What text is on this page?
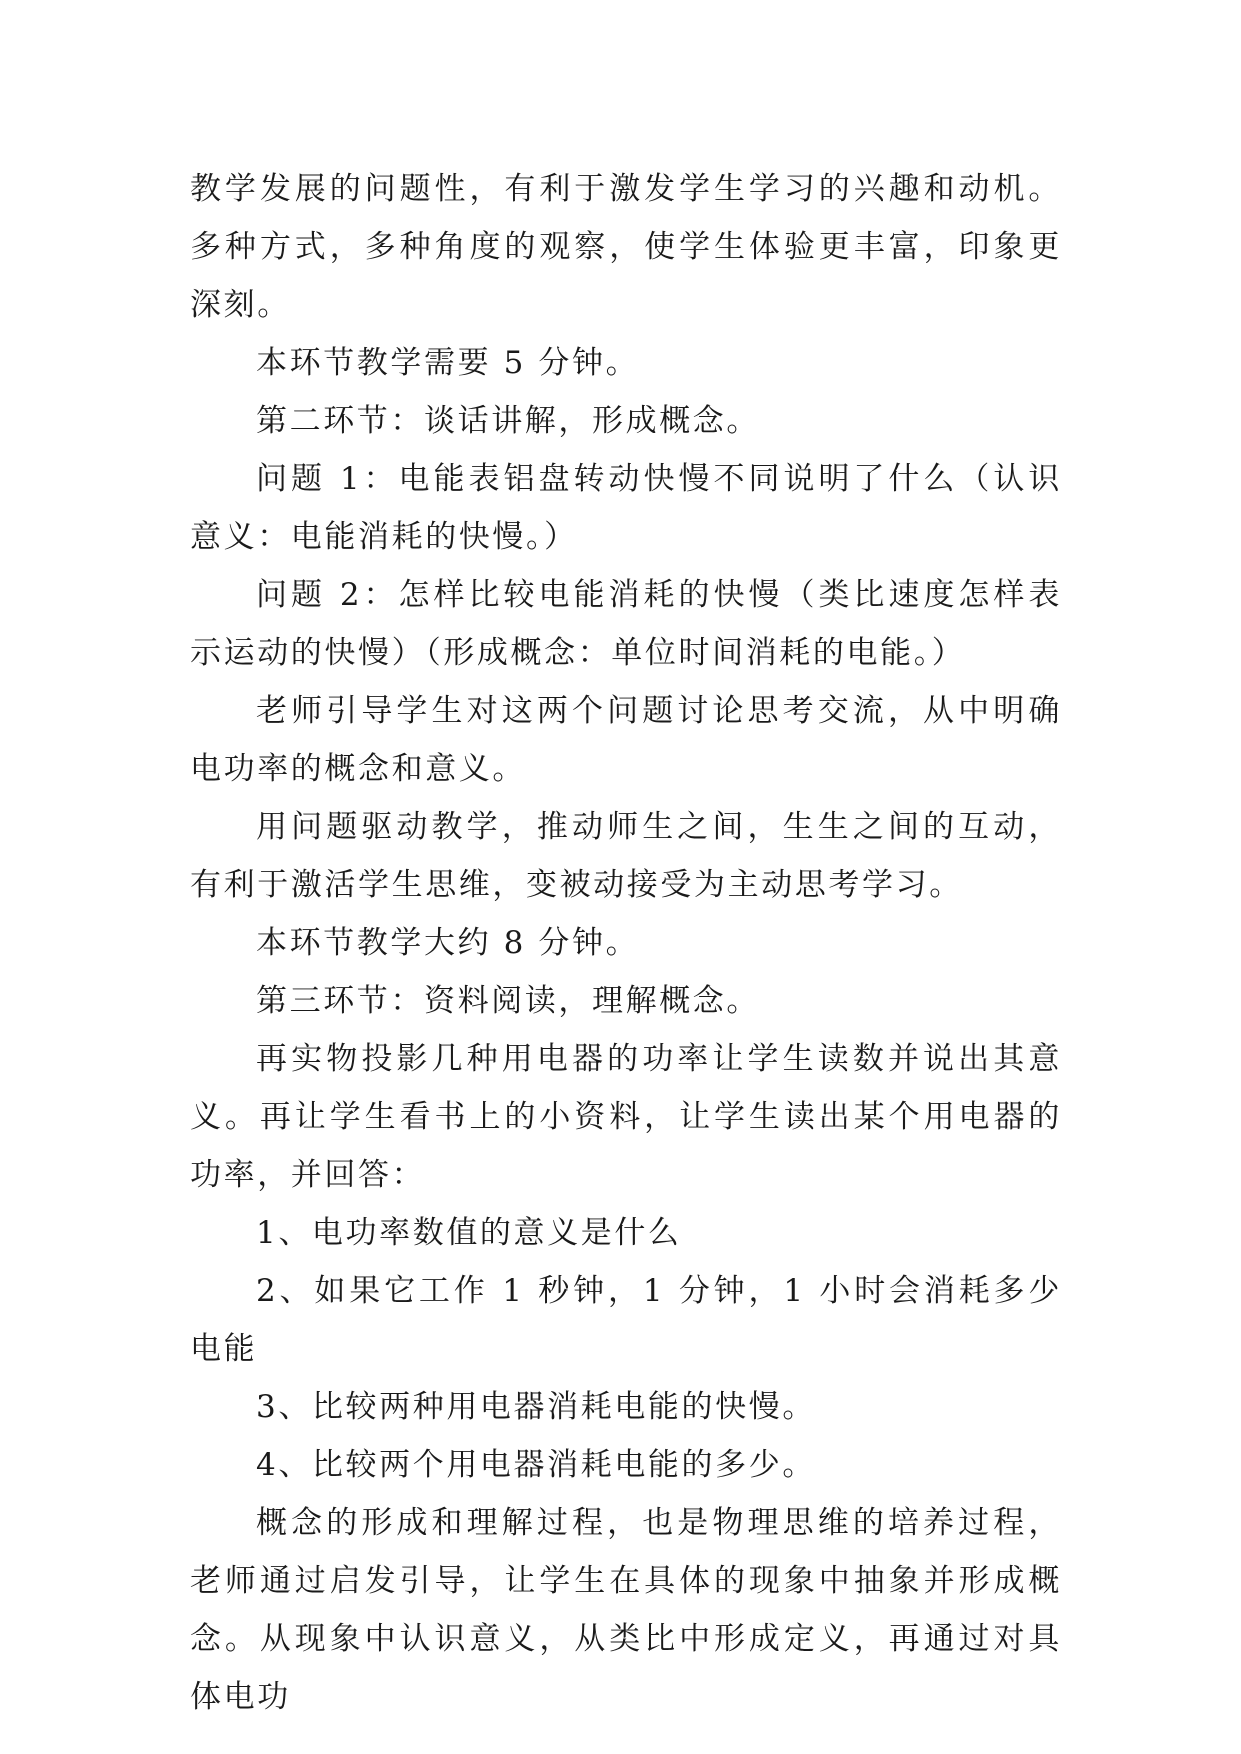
教学发展的问题性，有利于激发学生学习的兴趣和动机。多种方式，多种角度的观察，使学生体验更丰富，印象更深刻。

本环节教学需要 5 分钟。

第二环节：谈话讲解，形成概念。

问题 1：电能表铝盘转动快慢不同说明了什么（认识意义：电能消耗的快慢。）

问题 2：怎样比较电能消耗的快慢（类比速度怎样表示运动的快慢）（形成概念：单位时间消耗的电能。）

老师引导学生对这两个问题讨论思考交流，从中明确电功率的概念和意义。

用问题驱动教学，推动师生之间，生生之间的互动，有利于激活学生思维，变被动接受为主动思考学习。

本环节教学大约 8 分钟。

第三环节：资料阅读，理解概念。

再实物投影几种用电器的功率让学生读数并说出其意义。再让学生看书上的小资料，让学生读出某个用电器的功率，并回答：

1、电功率数值的意义是什么

2、如果它工作 1 秒钟，1 分钟，1 小时会消耗多少电能

3、比较两种用电器消耗电能的快慢。

4、比较两个用电器消耗电能的多少。

概念的形成和理解过程，也是物理思维的培养过程，老师通过启发引导，让学生在具体的现象中抽象并形成概念。从现象中认识意义，从类比中形成定义，再通过对具体电功
